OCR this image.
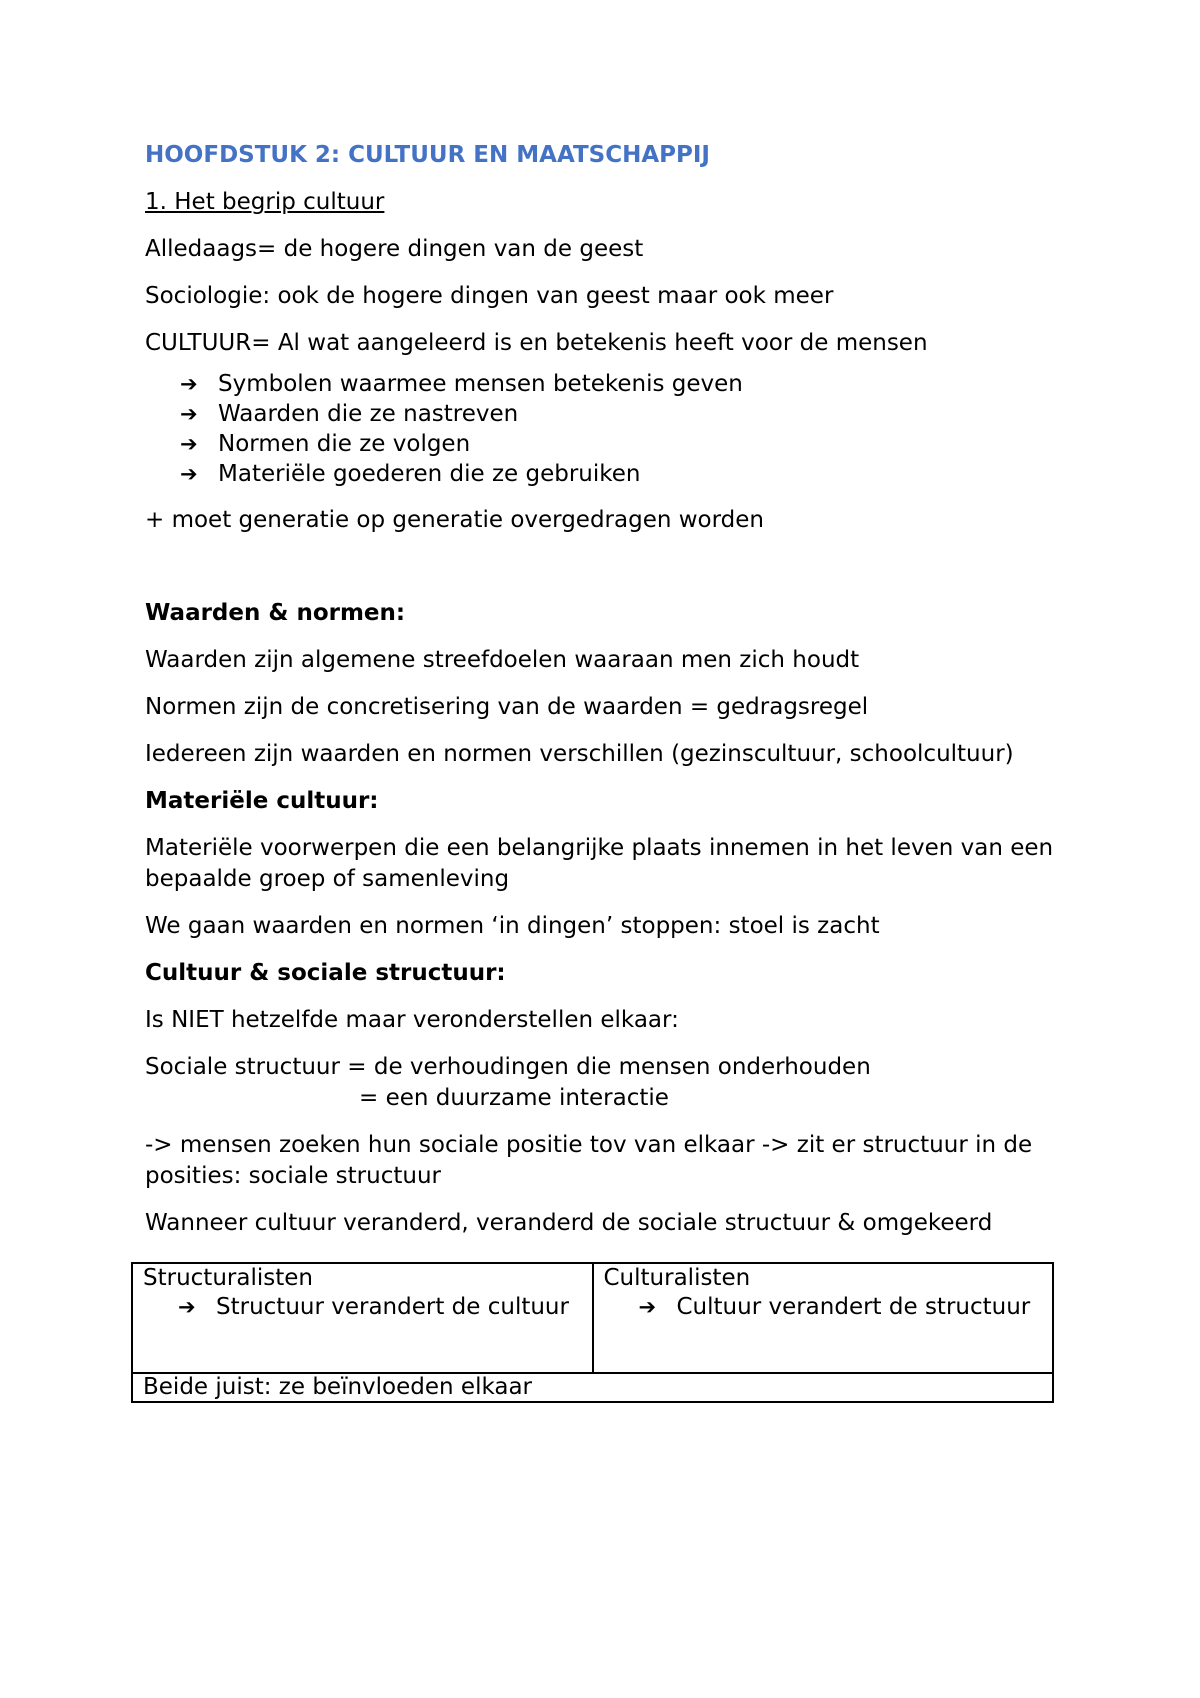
HOOFDSTUK 2: CULTUUR EN MAATSCHAPPIJ
1. Het begrip cultuur
Alledaags= de hogere dingen van de geest
Sociologie: ook de hogere dingen van geest maar ook meer
CULTUUR= Al wat aangeleerd is en betekenis heeft voor de mensen
➔ Symbolen waarmee mensen betekenis geven
➔ Waarden die ze nastreven
➔ Normen die ze volgen
➔ Materiële goederen die ze gebruiken
+ moet generatie op generatie overgedragen worden
Waarden & normen:
Waarden zijn algemene streefdoelen waaraan men zich houdt
Normen zijn de concretisering van de waarden = gedragsregel
Iedereen zijn waarden en normen verschillen (gezinscultuur, schoolcultuur)
Materiële cultuur:
Materiële voorwerpen die een belangrijke plaats innemen in het leven van een bepaalde groep of samenleving
We gaan waarden en normen ‘in dingen’ stoppen: stoel is zacht
Cultuur & sociale structuur:
Is NIET hetzelfde maar veronderstellen elkaar:
Sociale structuur = de verhoudingen die mensen onderhouden
= een duurzame interactie
-> mensen zoeken hun sociale positie tov van elkaar -> zit er structuur in de posities: sociale structuur
Wanneer cultuur veranderd, veranderd de sociale structuur & omgekeerd
Structuralisten
➔ Structuur verandert de cultuur

Culturalisten
➔ Cultuur verandert de structuur

Beide juist: ze beïnvloeden elkaar
